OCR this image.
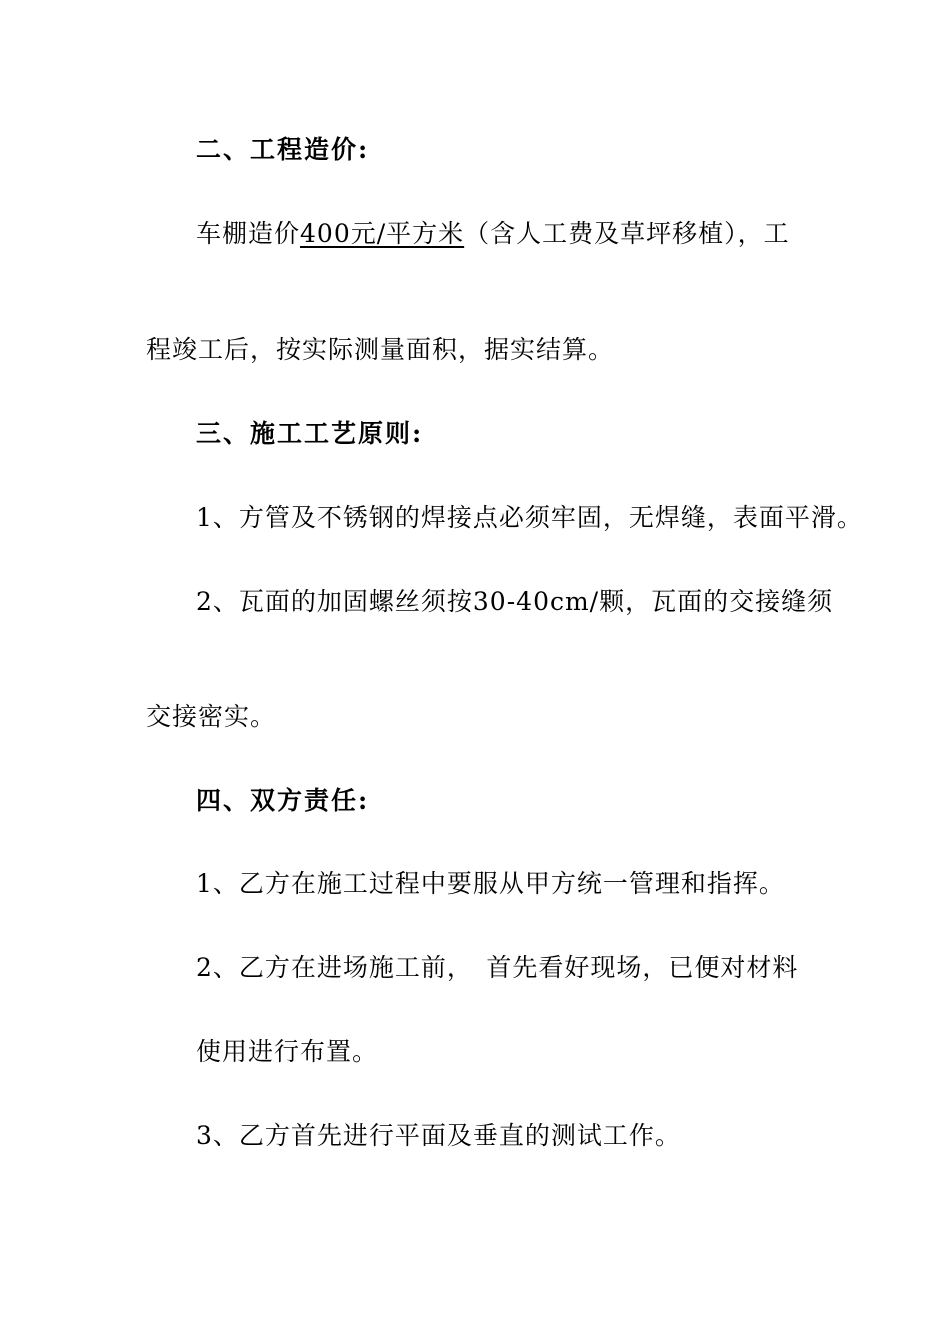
二、工程造价:
车棚造价400元/平方米（含人工费及草坪移植），工
程竣工后，按实际测量面积，据实结算。
三、施工工艺原则:
1、方管及不锈钢的焊接点必须牢固，无焊缝，表面平滑。
2、瓦面的加固螺丝须按30-40cm/颗，瓦面的交接缝须
交接密实。
四、双方责任:
1、乙方在施工过程中要服从甲方统一管理和指挥。
2、乙方在进场施工前，　首先看好现场，已便对材料
使用进行布置。
3、乙方首先进行平面及垂直的测试工作。
